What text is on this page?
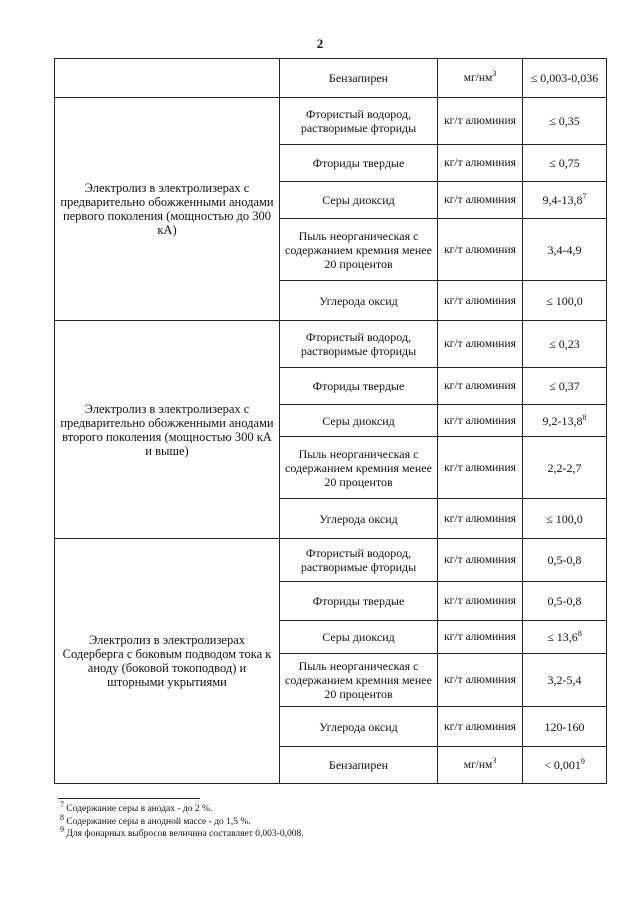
2
	Бензапирен	$мг/нм^3$	≤ 0,003-0,036
Электролиз в электролизерах с предварительно обожженными анодами первого поколения (мощностью до 300 кА)	Фтористый водород, растворимые фториды	кг/т алюминия	≤ 0,35
	Фториды твердые	кг/т алюминия	≤ 0,75
	Серы диоксид	кг/т алюминия	9,4-13,8$^7$
	Пыль неорганическая с содержанием кремния менее 20 процентов	кг/т алюминия	3,4-4,9
	Углерода оксид	кг/т алюминия	≤ 100,0
Электролиз в электролизерах с предварительно обожженными анодами второго поколения (мощностью 300 кА и выше)	Фтористый водород, растворимые фториды	кг/т алюминия	≤ 0,23
	Фториды твердые	кг/т алюминия	≤ 0,37
	Серы диоксид	кг/т алюминия	9,2-13,8$^8$
	Пыль неорганическая с содержанием кремния менее 20 процентов	кг/т алюминия	2,2-2,7
	Углерода оксид	кг/т алюминия	≤ 100,0
Электролиз в электролизерах Содерберга с боковым подводом тока к аноду (боковой токоподвод) и шторными укрытиями	Фтористый водород, растворимые фториды	кг/т алюминия	0,5-0,8
	Фториды твердые	кг/т алюминия	0,5-0,8
	Серы диоксид	кг/т алюминия	≤ $13,6^8$
	Пыль неорганическая с содержанием кремния менее 20 процентов	кг/т алюминия	3,2-5,4
	Углерода оксид	кг/т алюминия	120-160
	Бензапирен	$мг/нм^3$	< $0,001^9$
$^7$ Содержание серы в анодах - до 2 %.
$^8$ Содержание серы в анодной массе - до 1,5 %.
$^9$ Для фонарных выбросов величина составляет 0,003-0,008.
